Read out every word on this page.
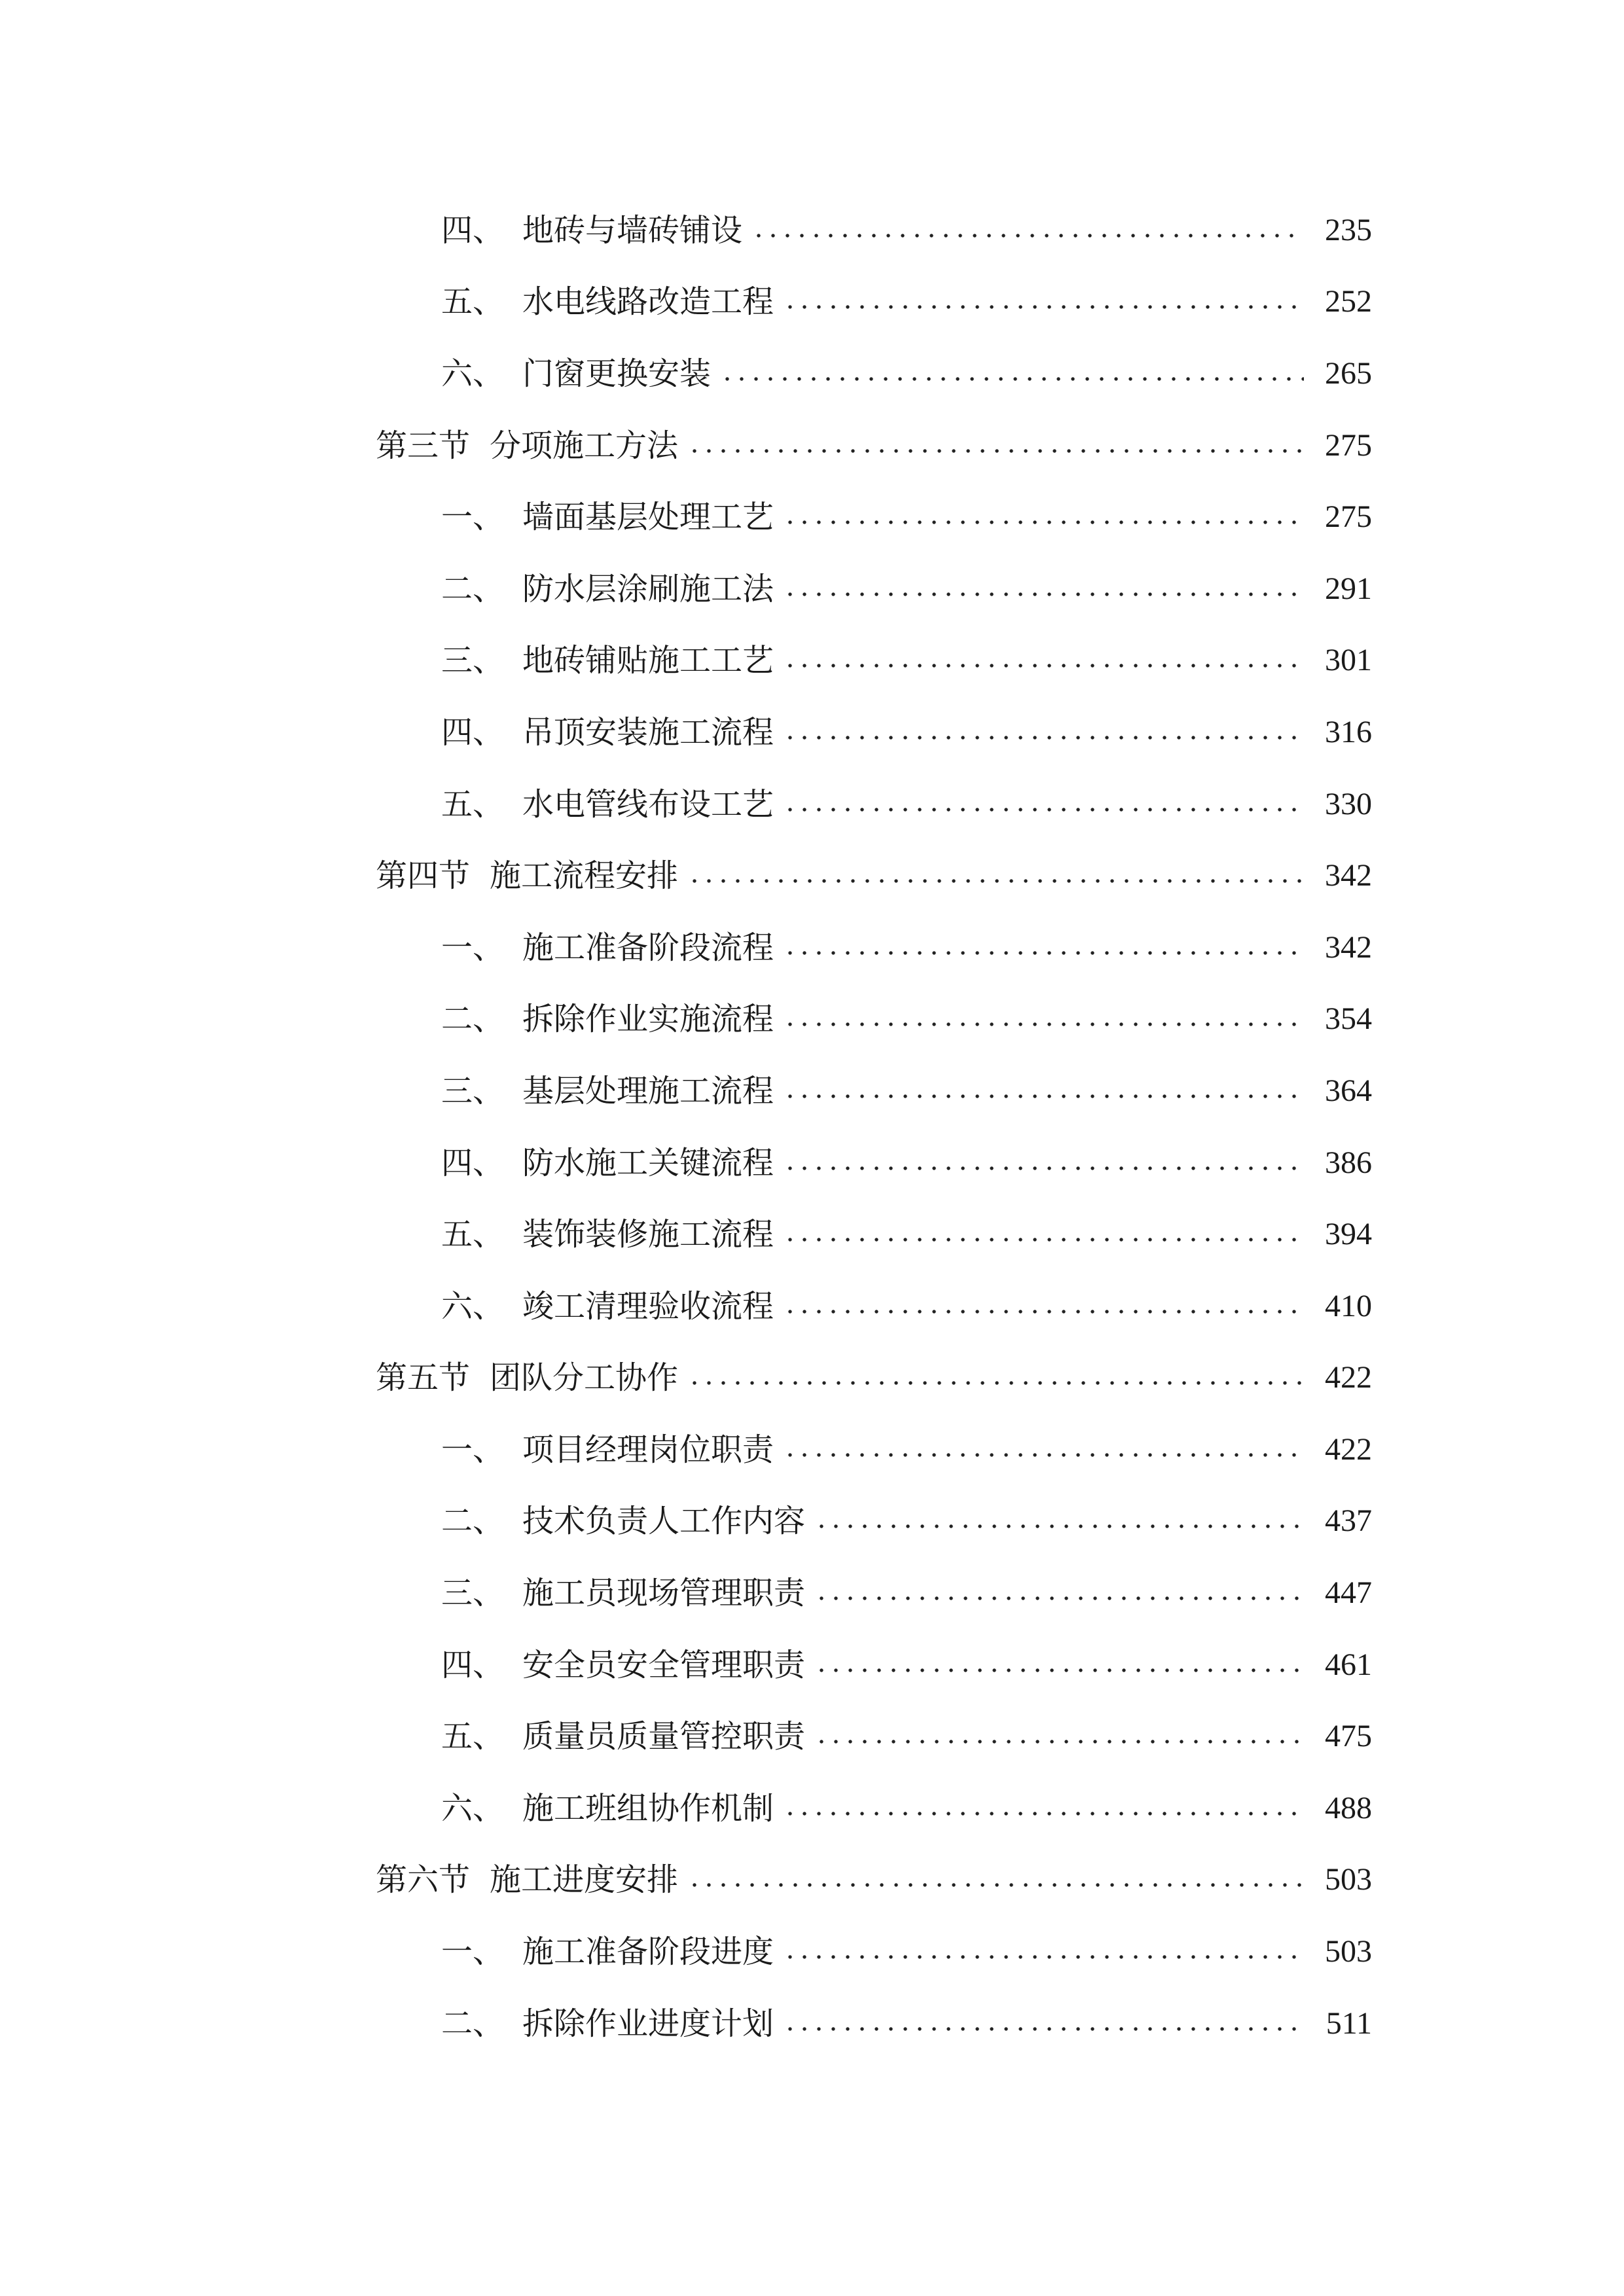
四、 地砖与墙砖铺设	235
五、 水电线路改造工程	252
六、 门窗更换安装	265
第三节 分项施工方法	275
一、 墙面基层处理工艺	275
二、 防水层涂刷施工法	291
三、 地砖铺贴施工工艺	301
四、 吊顶安装施工流程	316
五、 水电管线布设工艺	330
第四节 施工流程安排	342
一、 施工准备阶段流程	342
二、 拆除作业实施流程	354
三、 基层处理施工流程	364
四、 防水施工关键流程	386
五、 装饰装修施工流程	394
六、 竣工清理验收流程	410
第五节 团队分工协作	422
一、 项目经理岗位职责	422
二、 技术负责人工作内容	437
三、 施工员现场管理职责	447
四、 安全员安全管理职责	461
五、 质量员质量管控职责	475
六、 施工班组协作机制	488
第六节 施工进度安排	503
一、 施工准备阶段进度	503
二、 拆除作业进度计划	511
